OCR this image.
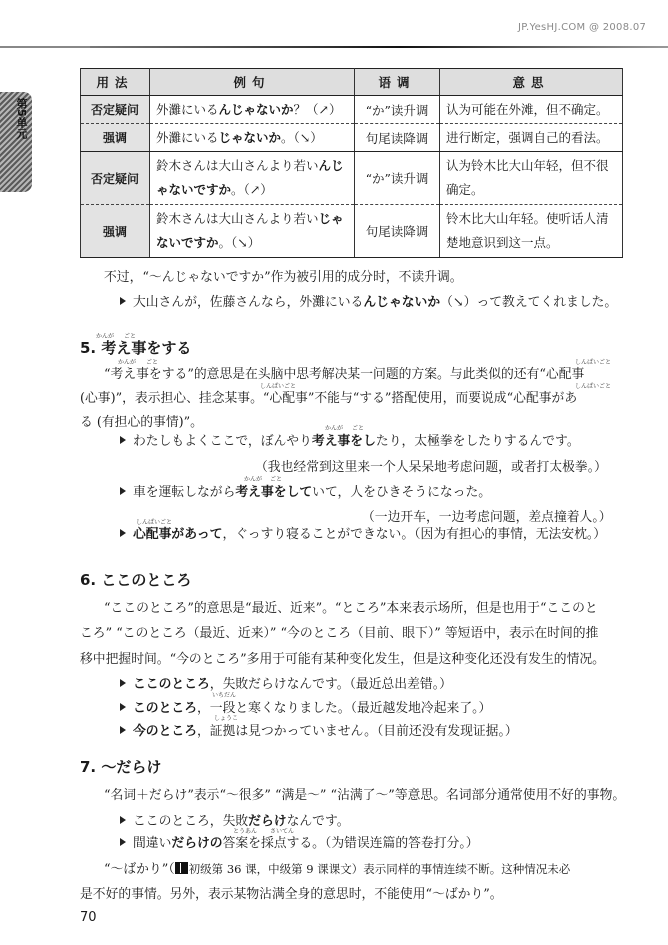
JP.YesHJ.COM @ 2008.07
第5单元
用法	例句	语调	意思
否定疑问	外灘にいるんじゃないか？（↗）	“か”读升调	认为可能在外滩，但不确定。
强调	外灘にいるじゃないか。（↘）	句尾读降调	进行断定，强调自己的看法。
否定疑问	鈴木さんは大山さんより若いんじゃないですか。（↗）	“か”读升调	认为铃木比大山年轻，但不很确定。
强调	鈴木さんは大山さんより若いじゃないですか。（↘）	句尾读降调	铃木比大山年轻。使听话人清楚地意识到这一点。
不过，“～んじゃないですか”作为被引用的成分时，不读升调。
大山さんが，佐藤さんなら，外灘にいるんじゃないか（↘）って教えてくれました。
かんが ごと
5. 考え事をする
かんが ごと	しんぱいごと
“考え事をする”的意思是在头脑中思考解决某一问题的方案。与此类似的还有“心配事
しんぱいごと	しんぱいごと
(心事)”，表示担心、挂念某事。“心配事”不能与“する”搭配使用，而要说成“心配事があ
る (有担心的事情)”。	かんが ごと
わたしもよくここで，ぼんやり考え事をしたり，太極拳をしたりするんです。
（我也经常到这里来一个人呆呆地考虑问题，或者打太极拳。）
かんが ごと
車を運転しながら考え事をしていて，人をひきそうになった。
（一边开车，一边考虑问题，差点撞着人。）
しんぱいごと
心配事があって，ぐっすり寝ることができない。（因为有担心的事情，无法安枕。）
6. ここのところ
“ここのところ”的意思是“最近、近来”。“ところ”本来表示场所，但是也用于“ここのと
ころ” “このところ（最近、近来）” “今のところ（目前、眼下）” 等短语中，表示在时间的推
移中把握时间。“今のところ”多用于可能有某种变化发生，但是这种变化还没有发生的情况。
ここのところ，失敗だらけなんです。（最近总出差错。）
いちだん
このところ，一段と寒くなりました。（最近越发地冷起来了。）
しょうこ
今のところ，証拠は見つかっていません。（目前还没有发现证据。）
7. ～だらけ
“名词＋だらけ”表示“～很多” “满是～” “沾满了～”等意思。名词部分通常使用不好的事物。
ここのところ，失敗だらけなんです。
とうあん さいてん
間違いだらけの答案を採点する。（为错误连篇的答卷打分。）
“～ばかり”（ 初级第 36 课，中级第 9 课课文）表示同样的事情连续不断。这种情况未必
是不好的事情。另外，表示某物沾满全身的意思时，不能使用“～ばかり”。
70
